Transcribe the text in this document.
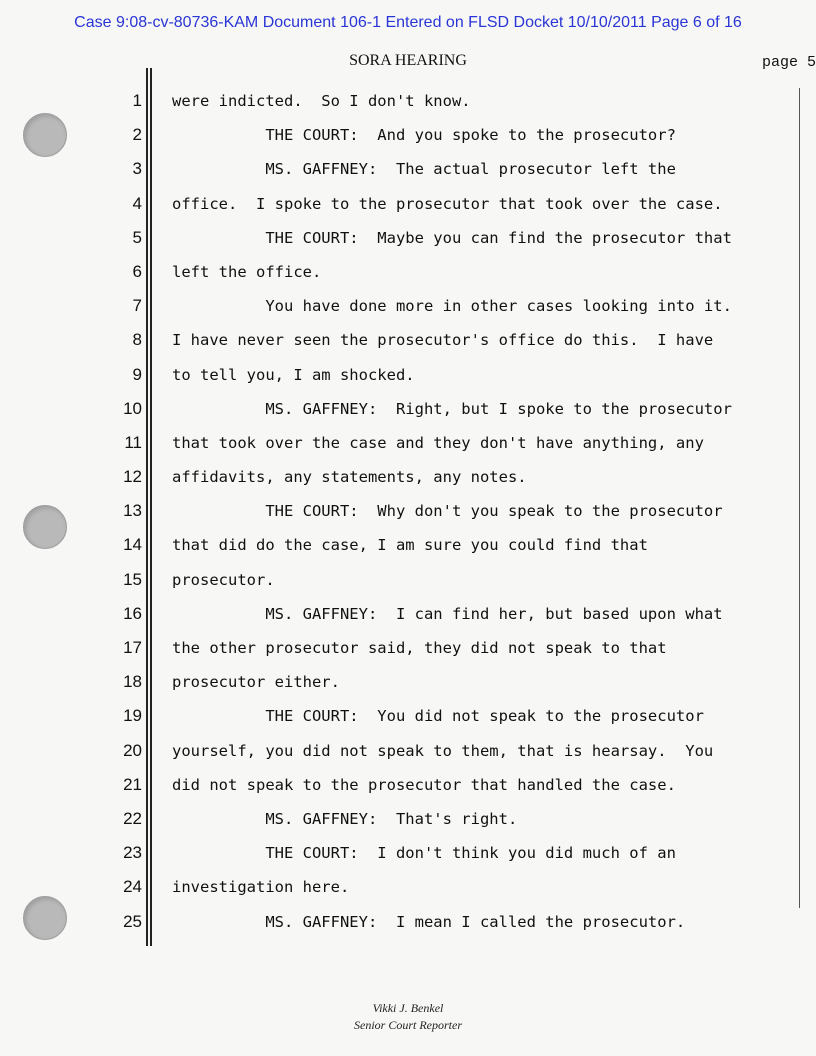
Case 9:08-cv-80736-KAM Document 106-1 Entered on FLSD Docket 10/10/2011 Page 6 of 16
SORA HEARING	page 5
1
2
3
4
5
6
7
8
9
10
11
12
13
14
15
16
17
18
19
20
21
22
23
24
25
were indicted.  So I don't know.
THE COURT:  And you spoke to the prosecutor?
MS. GAFFNEY:  The actual prosecutor left the
office.  I spoke to the prosecutor that took over the case.
THE COURT:  Maybe you can find the prosecutor that
left the office.
You have done more in other cases looking into it.
I have never seen the prosecutor's office do this.  I have
to tell you, I am shocked.
MS. GAFFNEY:  Right, but I spoke to the prosecutor
that took over the case and they don't have anything, any
affidavits, any statements, any notes.
THE COURT:  Why don't you speak to the prosecutor
that did do the case, I am sure you could find that
prosecutor.
MS. GAFFNEY:  I can find her, but based upon what
the other prosecutor said, they did not speak to that
prosecutor either.
THE COURT:  You did not speak to the prosecutor
yourself, you did not speak to them, that is hearsay.  You
did not speak to the prosecutor that handled the case.
MS. GAFFNEY:  That's right.
THE COURT:  I don't think you did much of an
investigation here.
MS. GAFFNEY:  I mean I called the prosecutor.
Vikki J. Benkel
Senior Court Reporter
